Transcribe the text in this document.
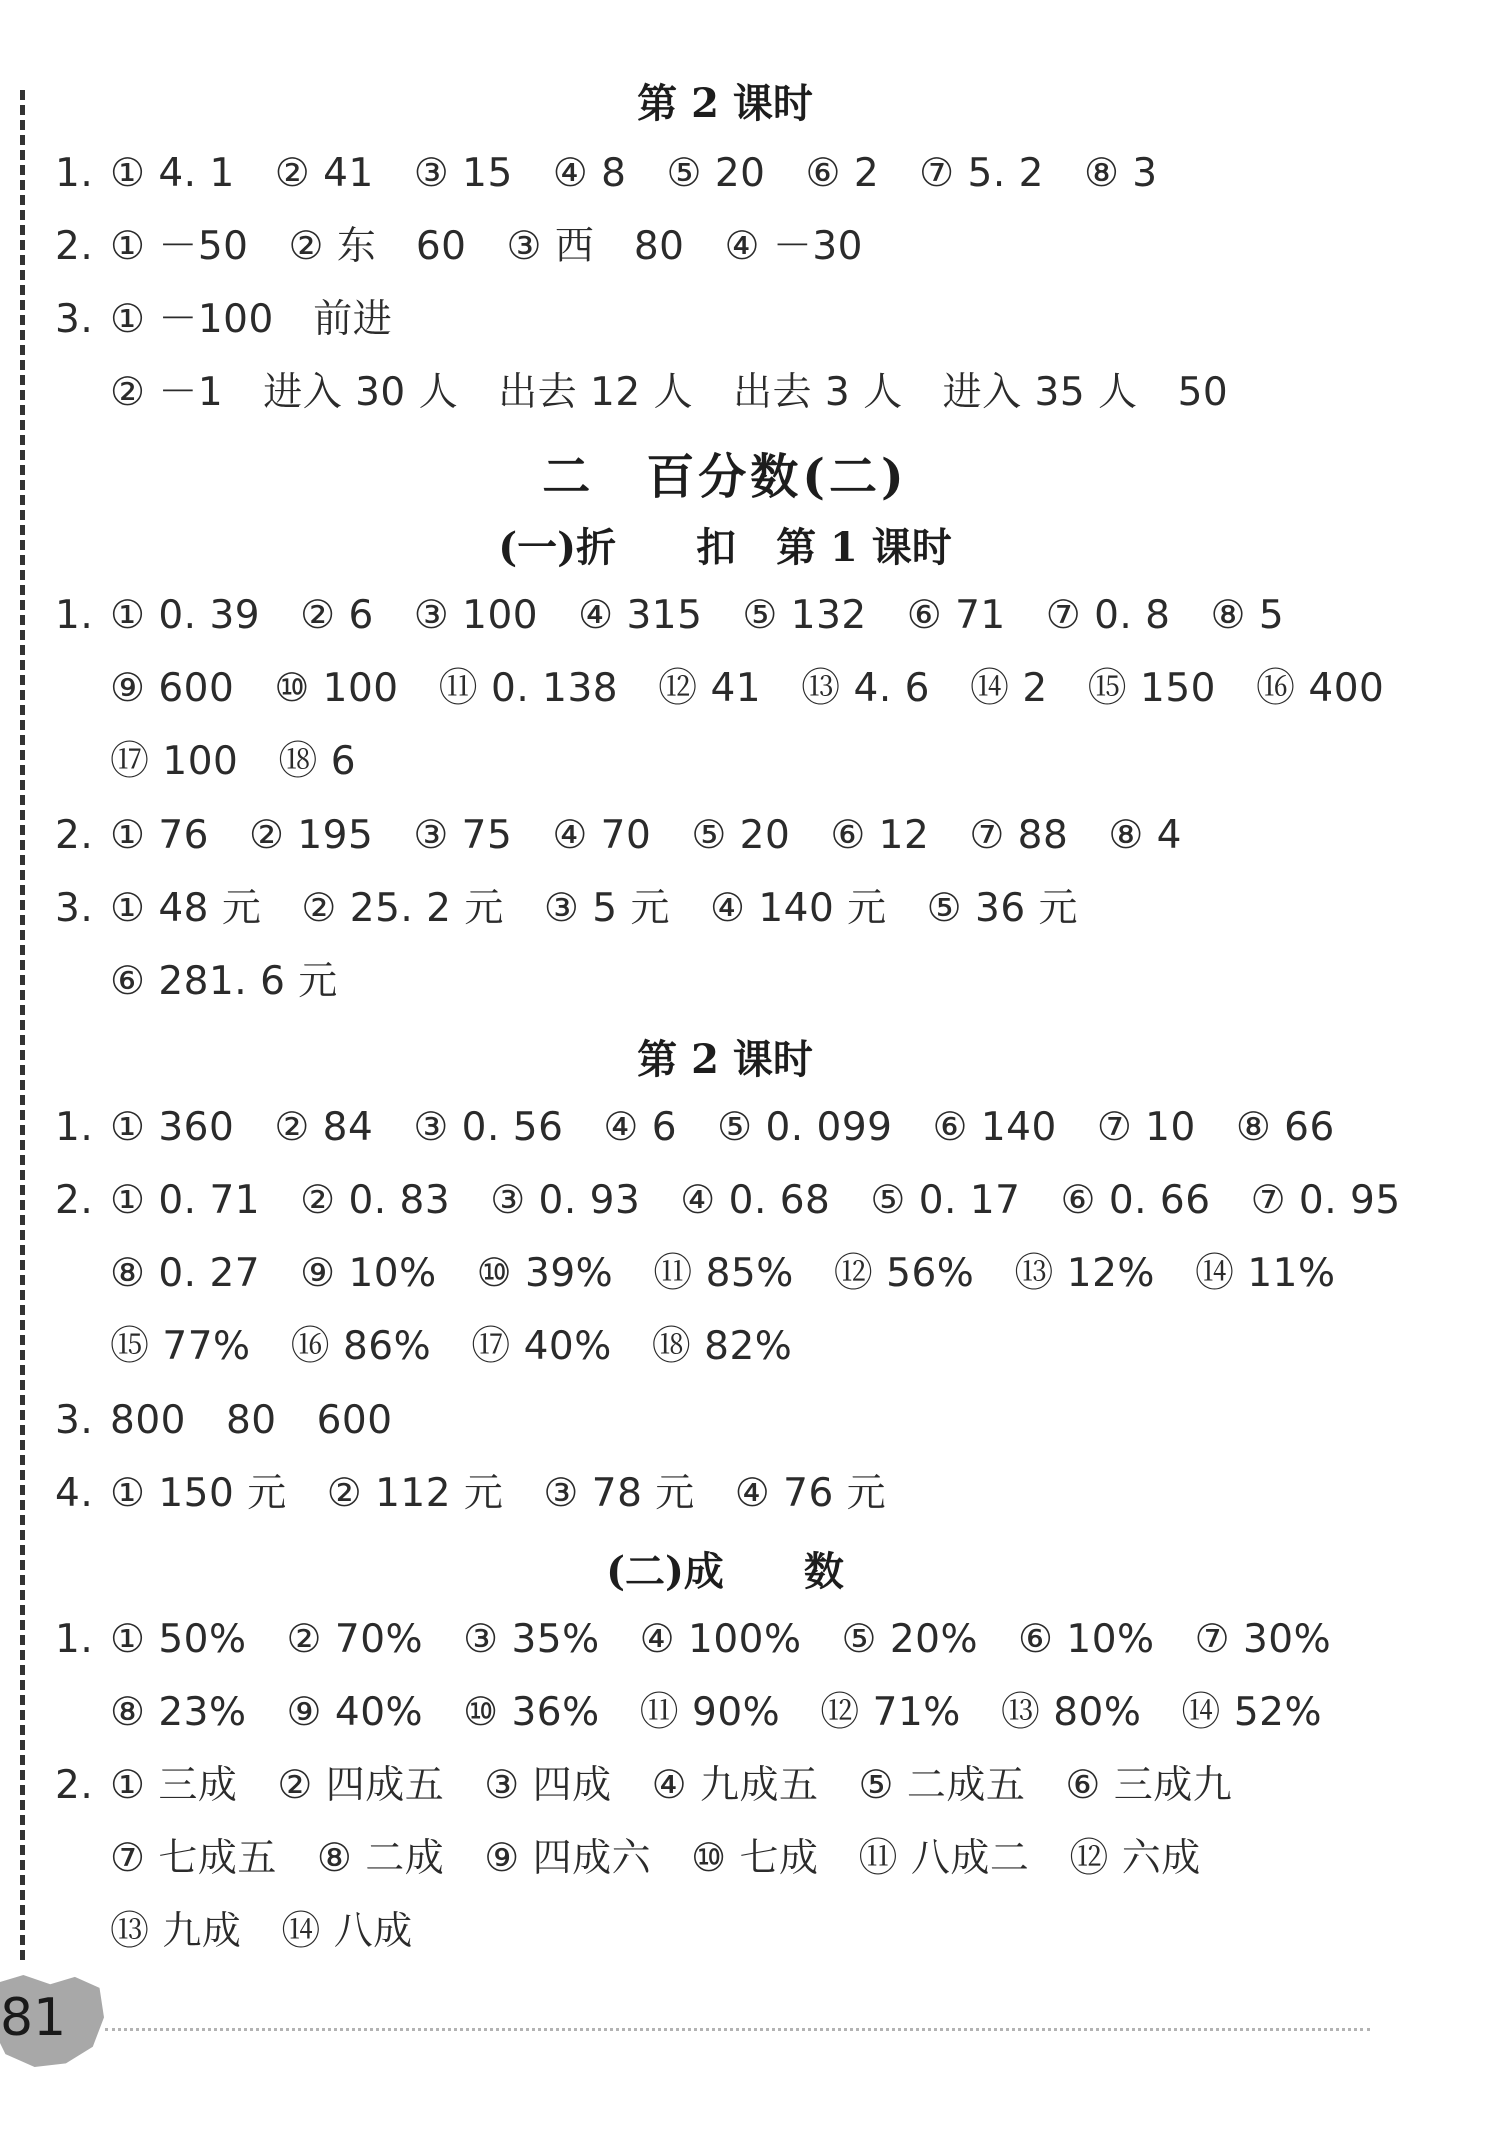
第 2 课时
1. ① 4. 1 ② 41 ③ 15 ④ 8 ⑤ 20 ⑥ 2 ⑦ 5. 2 ⑧ 3
2. ① －50 ② 东　60 ③ 西　80 ④ －30
3. ① －100　前进
② －1 进入 30 人 出去 12 人 出去 3 人 进入 35 人 50
二　百分数(二)
(一)折　　扣　第 1 课时
1. ① 0. 39 ② 6 ③ 100 ④ 315 ⑤ 132 ⑥ 71 ⑦ 0. 8 ⑧ 5
⑨ 600 ⑩ 100 ⑪ 0. 138 ⑫ 41 ⑬ 4. 6 ⑭ 2 ⑮ 150 ⑯ 400
⑰ 100 ⑱ 6
2. ① 76 ② 195 ③ 75 ④ 70 ⑤ 20 ⑥ 12 ⑦ 88 ⑧ 4
3. ① 48 元 ② 25. 2 元 ③ 5 元 ④ 140 元 ⑤ 36 元
⑥ 281. 6 元
第 2 课时
1. ① 360 ② 84 ③ 0. 56 ④ 6 ⑤ 0. 099 ⑥ 140 ⑦ 10 ⑧ 66
2. ① 0. 71 ② 0. 83 ③ 0. 93 ④ 0. 68 ⑤ 0. 17 ⑥ 0. 66 ⑦ 0. 95
⑧ 0. 27 ⑨ 10% ⑩ 39% ⑪ 85% ⑫ 56% ⑬ 12% ⑭ 11%
⑮ 77% ⑯ 86% ⑰ 40% ⑱ 82%
3. 800 80 600
4. ① 150 元 ② 112 元 ③ 78 元 ④ 76 元
(二)成　　数
1. ① 50% ② 70% ③ 35% ④ 100% ⑤ 20% ⑥ 10% ⑦ 30%
⑧ 23% ⑨ 40% ⑩ 36% ⑪ 90% ⑫ 71% ⑬ 80% ⑭ 52%
2. ① 三成 ② 四成五 ③ 四成 ④ 九成五 ⑤ 二成五 ⑥ 三成九
⑦ 七成五 ⑧ 二成 ⑨ 四成六 ⑩ 七成 ⑪ 八成二 ⑫ 六成
⑬ 九成 ⑭ 八成
81
